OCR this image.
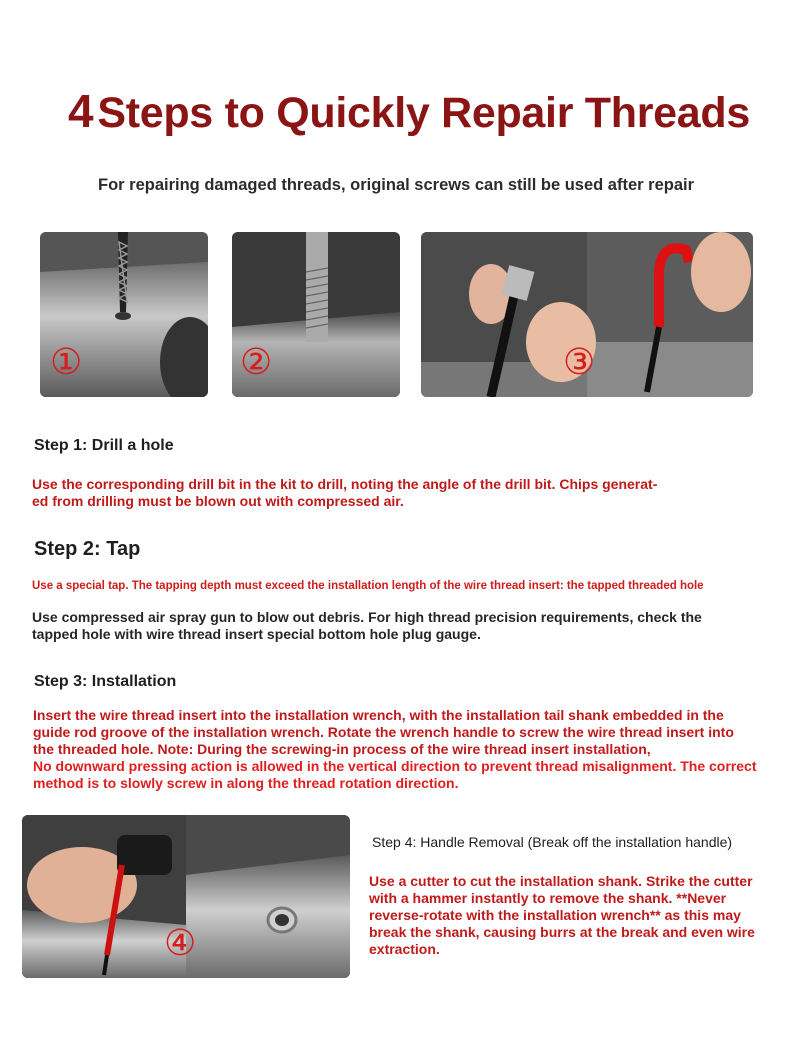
4Steps to Quickly Repair Threads
For repairing damaged threads, original screws can still be used after repair
①	②	③
Step 1: Drill a hole
Use the corresponding drill bit in the kit to drill, noting the angle of the drill bit. Chips generat-
ed from drilling must be blown out with compressed air.
Step 2: Tap
Use a special tap. The tapping depth must exceed the installation length of the wire thread insert: the tapped threaded hole
Use compressed air spray gun to blow out debris. For high thread precision requirements, check the
tapped hole with wire thread insert special bottom hole plug gauge.
Step 3: Installation
Insert the wire thread insert into the installation wrench, with the installation tail shank embedded in the
guide rod groove of the installation wrench. Rotate the wrench handle to screw the wire thread insert into
the threaded hole. Note: During the screwing-in process of the wire thread insert installation,
No downward pressing action is allowed in the vertical direction to prevent thread misalignment. The correct
method is to slowly screw in along the thread rotation direction.
④
Step 4: Handle Removal (Break off the installation handle)
Use a cutter to cut the installation shank. Strike the cutter
with a hammer instantly to remove the shank. **Never
reverse-rotate with the installation wrench** as this may
break the shank, causing burrs at the break and even wire
extraction.
